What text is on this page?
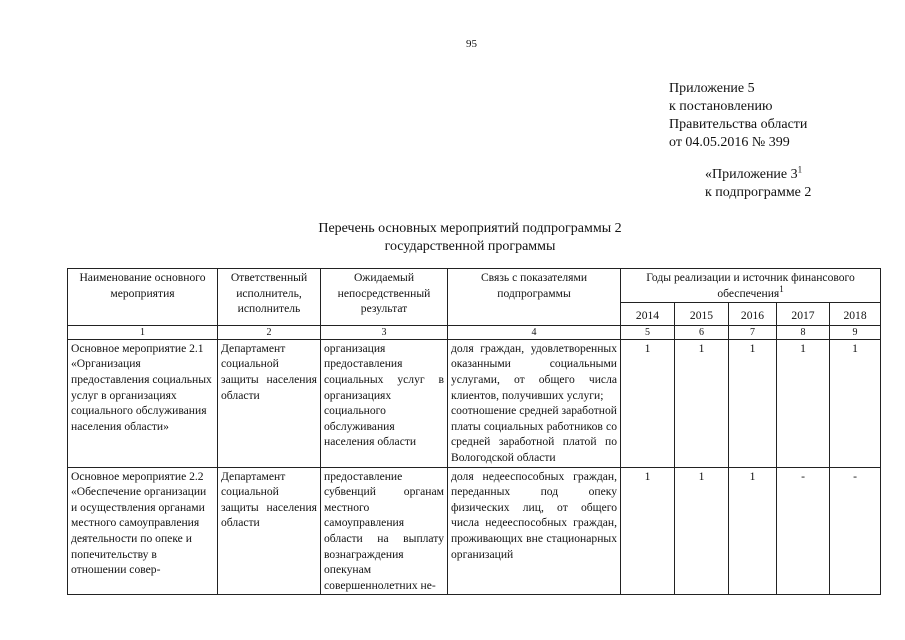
95
Приложение 5
к постановлению
Правительства области
от 04.05.2016 № 399
«Приложение $3^1$
к подпрограмме 2
Перечень основных мероприятий подпрограммы 2
государственной программы
Наименование основного мероприятия	Ответственный исполнитель, исполнитель	Ожидаемый непосредственный результат	Связь с показателями подпрограммы	Годы реализации и источник финансового обеспечения$^1$
				2014	2015	2016	2017	2018
1	2	3	4	5	6	7	8	9
Основное мероприятие 2.1 «Организация предоставления социальных услуг в организациях социального обслуживания населения области»	Департамент социальной защиты населения области	организация предоставления социальных услуг в организациях социального обслуживания населения области	доля граждан, удовлетворенных оказанными социальными услугами, от общего числа клиентов, получивших услуги;
соотношение средней заработной платы социальных работников со средней заработной платой по Вологодской области	1	1	1	1	1
Основное мероприятие 2.2 «Обеспечение организации и осуществления органами местного самоуправления деятельности по опеке и попечительству в отношении совер-	Департамент социальной защиты населения области	предоставление субвенций органам местного самоуправления области на выплату вознаграждения опекунам совершеннолетних не-	доля недееспособных граждан, переданных под опеку физических лиц, от общего числа недееспособных граждан, проживающих вне стационарных организаций	1	1	1	-	-
